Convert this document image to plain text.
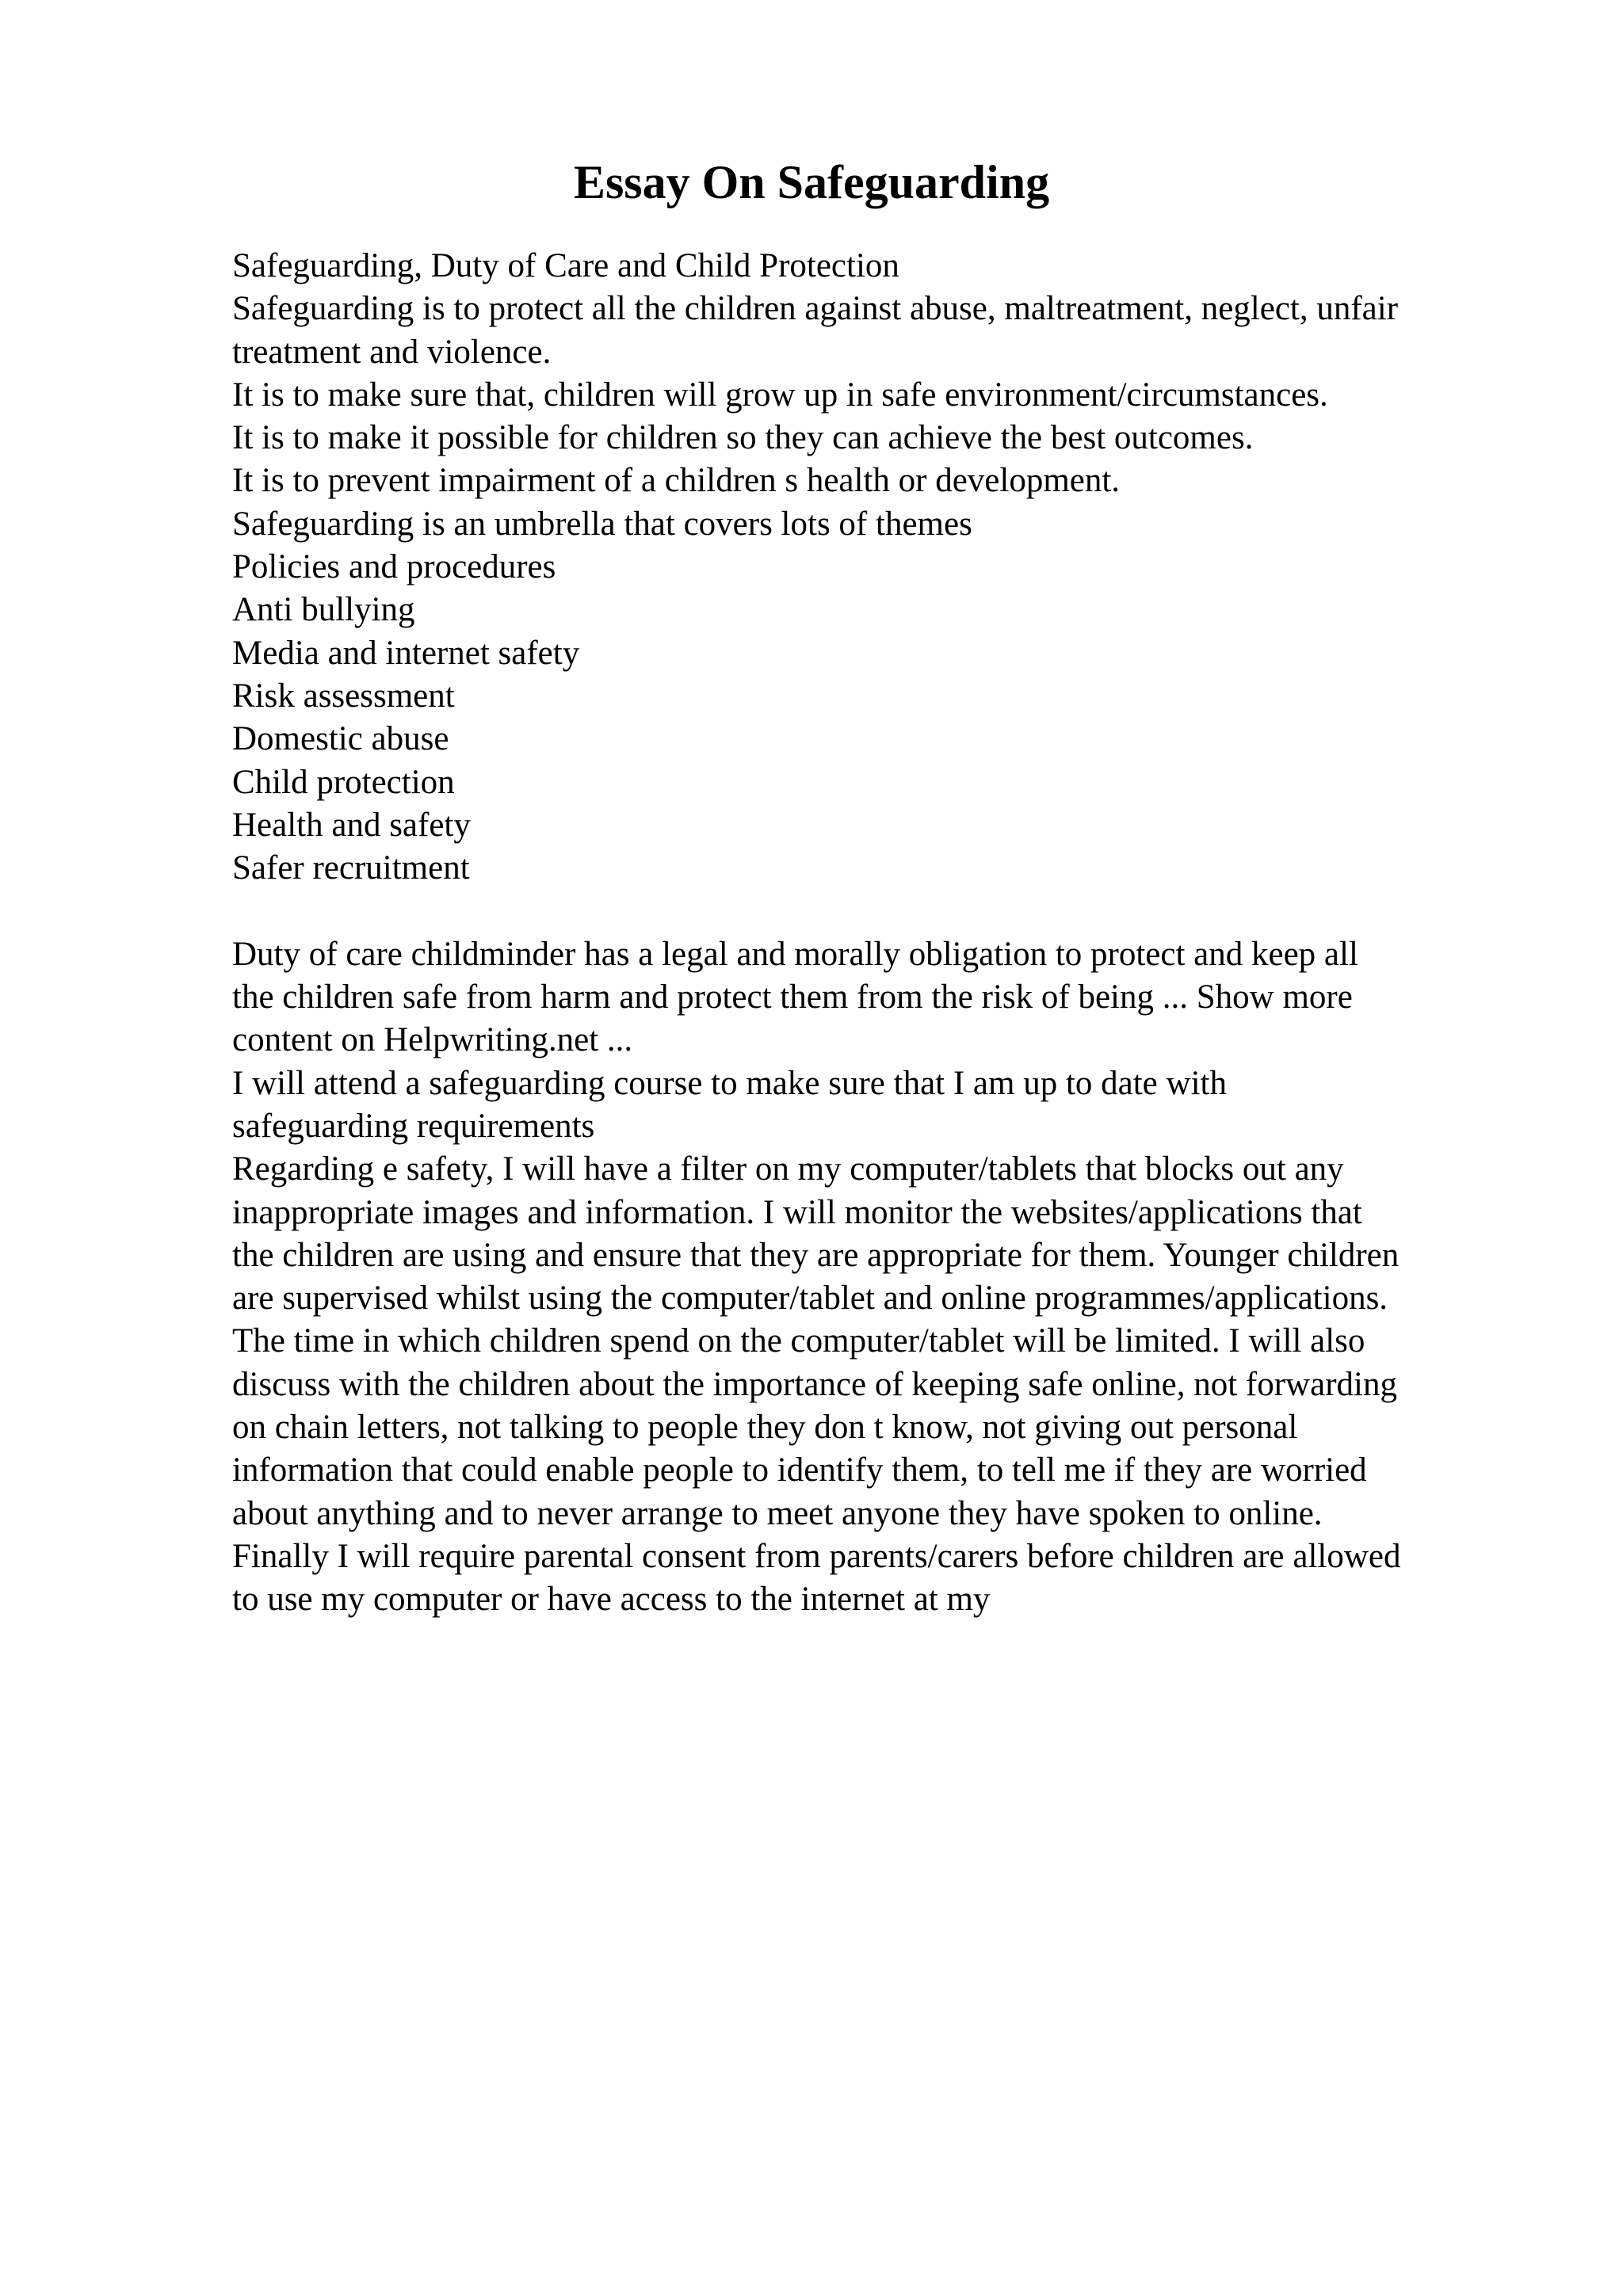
Essay On Safeguarding
Safeguarding, Duty of Care and Child Protection
Safeguarding is to protect all the children against abuse, maltreatment, neglect, unfair
treatment and violence.
It is to make sure that, children will grow up in safe environment/circumstances.
It is to make it possible for children so they can achieve the best outcomes.
It is to prevent impairment of a children s health or development.
Safeguarding is an umbrella that covers lots of themes
Policies and procedures
Anti bullying
Media and internet safety
Risk assessment
Domestic abuse
Child protection
Health and safety
Safer recruitment
Duty of care childminder has a legal and morally obligation to protect and keep all
the children safe from harm and protect them from the risk of being ... Show more
content on Helpwriting.net ...
I will attend a safeguarding course to make sure that I am up to date with
safeguarding requirements
Regarding e safety, I will have a filter on my computer/tablets that blocks out any
inappropriate images and information. I will monitor the websites/applications that
the children are using and ensure that they are appropriate for them. Younger children
are supervised whilst using the computer/tablet and online programmes/applications.
The time in which children spend on the computer/tablet will be limited. I will also
discuss with the children about the importance of keeping safe online, not forwarding
on chain letters, not talking to people they don t know, not giving out personal
information that could enable people to identify them, to tell me if they are worried
about anything and to never arrange to meet anyone they have spoken to online.
Finally I will require parental consent from parents/carers before children are allowed
to use my computer or have access to the internet at my
